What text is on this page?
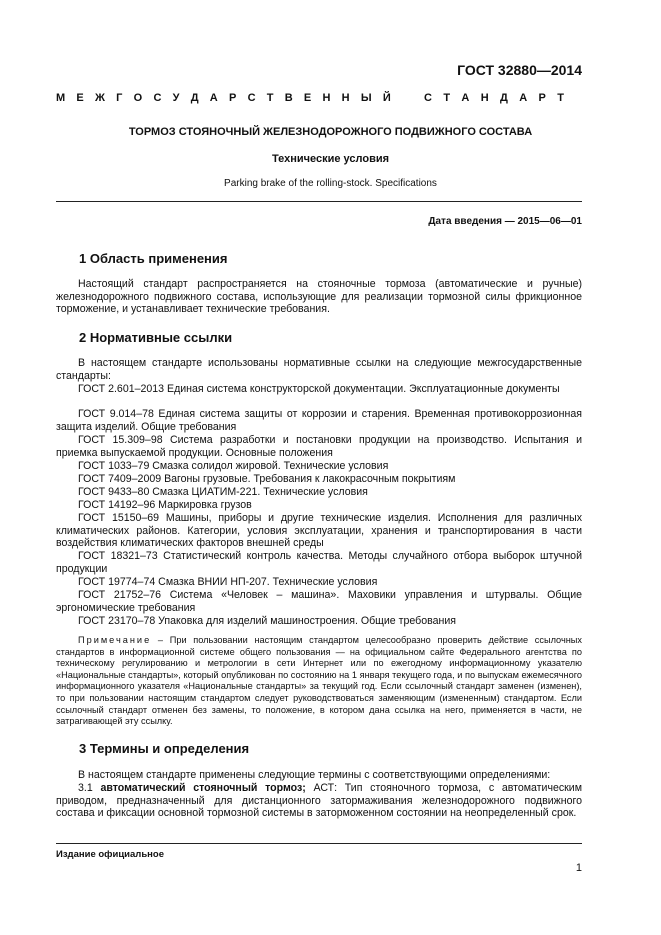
ГОСТ 32880—2014
М Е Ж Г О С У Д А Р С Т В Е Н Н Ы Й	С Т А Н Д А Р Т
ТОРМОЗ СТОЯНОЧНЫЙ ЖЕЛЕЗНОДОРОЖНОГО ПОДВИЖНОГО СОСТАВА
Технические условия
Parking brake of the rolling-stock. Specifications
Дата введения — 2015—06—01
1 Область применения
Настоящий стандарт распространяется на стояночные тормоза (автоматические и ручные) железнодорожного подвижного состава, использующие для реализации тормозной силы фрикционное торможение, и устанавливает технические требования.
2 Нормативные ссылки
В настоящем стандарте использованы нормативные ссылки на следующие межгосударственные стандарты:
ГОСТ 2.601–2013 Единая система конструкторской документации. Эксплуатационные документы
ГОСТ 9.014–78 Единая система защиты от коррозии и старения. Временная противокоррозионная защита изделий. Общие требования
ГОСТ 15.309–98 Система разработки и постановки продукции на производство. Испытания и приемка выпускаемой продукции. Основные положения
ГОСТ 1033–79 Смазка солидол жировой. Технические условия
ГОСТ 7409–2009 Вагоны грузовые. Требования к лакокрасочным покрытиям
ГОСТ 9433–80 Смазка ЦИАТИМ-221. Технические условия
ГОСТ 14192–96 Маркировка грузов
ГОСТ 15150–69 Машины, приборы и другие технические изделия. Исполнения для различных климатических районов. Категории, условия эксплуатации, хранения и транспортирования в части воздействия климатических факторов внешней среды
ГОСТ 18321–73 Статистический контроль качества. Методы случайного отбора выборок штучной продукции
ГОСТ 19774–74 Смазка ВНИИ НП-207. Технические условия
ГОСТ 21752–76 Система «Человек – машина». Маховики управления и штурвалы. Общие эргономические требования
ГОСТ 23170–78 Упаковка для изделий машиностроения. Общие требования
Примечание – При пользовании настоящим стандартом целесообразно проверить действие ссылочных стандартов в информационной системе общего пользования — на официальном сайте Федерального агентства по техническому регулированию и метрологии в сети Интернет или по ежегодному информационному указателю «Национальные стандарты», который опубликован по состоянию на 1 января текущего года, и по выпускам ежемесячного информационного указателя «Национальные стандарты» за текущий год. Если ссылочный стандарт заменен (изменен), то при пользовании настоящим стандартом следует руководствоваться заменяющим (измененным) стандартом. Если ссылочный стандарт отменен без замены, то положение, в котором дана ссылка на него, применяется в части, не затрагивающей эту ссылку.
3 Термины и определения
В настоящем стандарте применены следующие термины с соответствующими определениями:
3.1 автоматический стояночный тормоз; АСТ: Тип стояночного тормоза, с автоматическим приводом, предназначенный для дистанционного затормаживания железнодорожного подвижного состава и фиксации основной тормозной системы в заторможенном состоянии на неопределенный срок.
Издание официальное
1
